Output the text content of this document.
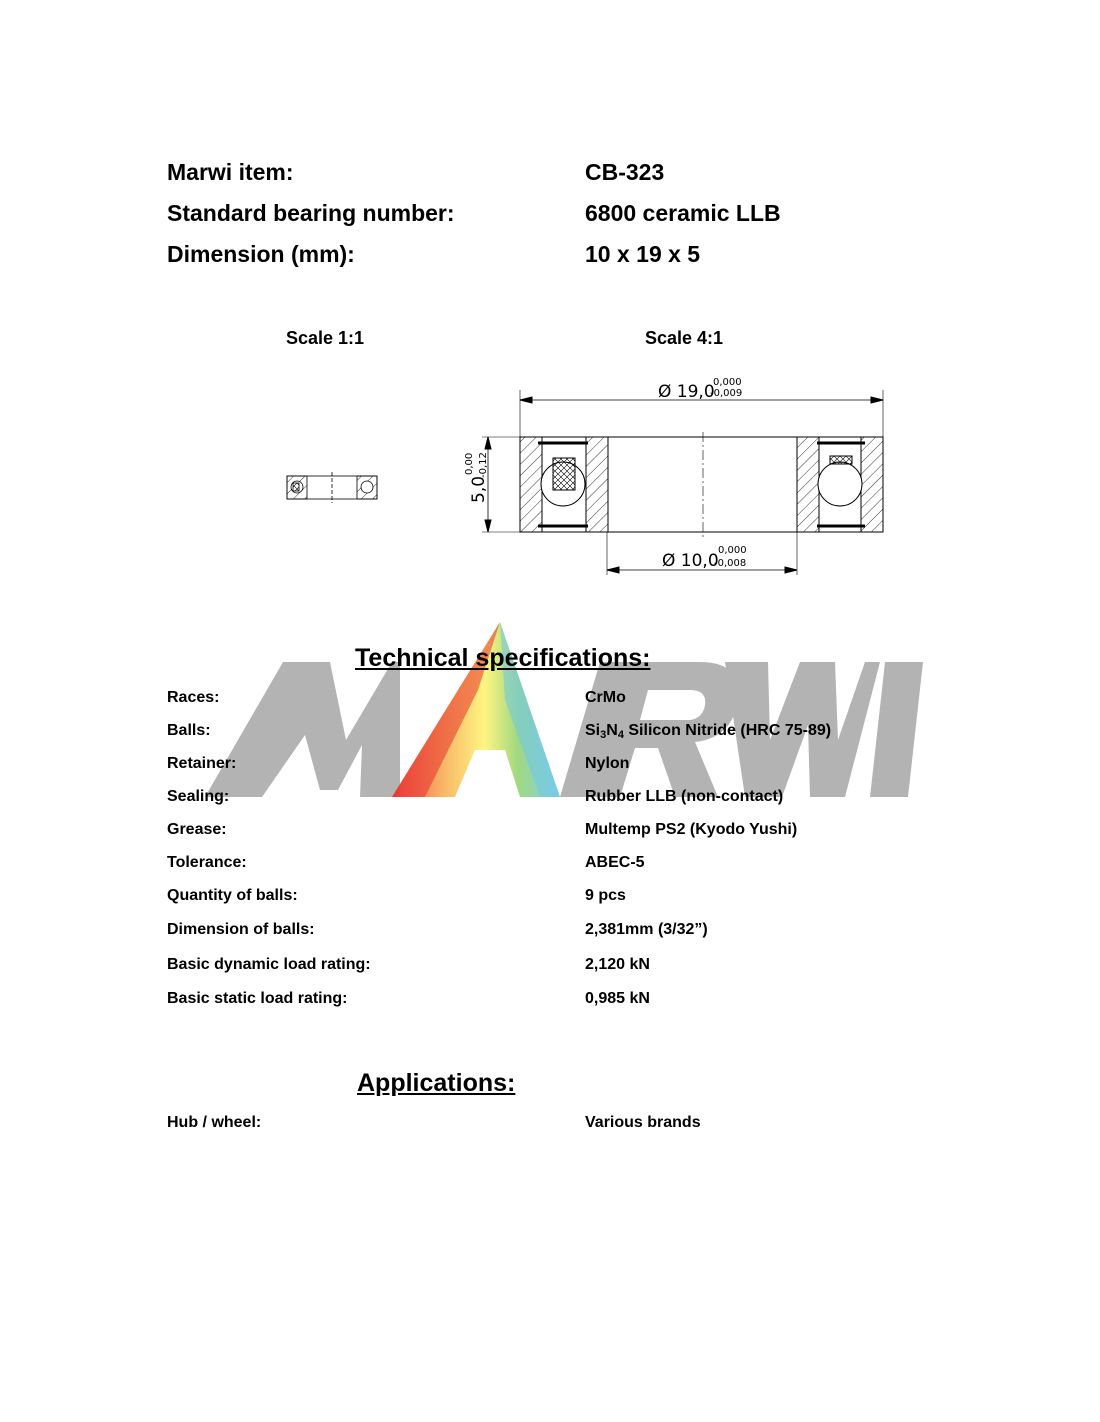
Marwi item:	CB-323
Standard bearing number:	6800 ceramic LLB
Dimension (mm):	10 x 19 x 5
Scale 1:1	Scale 4:1
Ø 19,0
0,000
-0,009
Ø 10,0
0,000
-0,008
5,0
0,00 -0,12
Technical specifications:
Races:	CrMo
Balls:	$Si_3N_4$ Silicon Nitride (HRC 75-89)
Retainer:	Nylon
Sealing:	Rubber LLB (non-contact)
Grease:	Multemp PS2 (Kyodo Yushi)
Tolerance:	ABEC-5
Quantity of balls:	9 pcs
Dimension of balls:	2,381mm (3/32”)
Basic dynamic load rating:	2,120 kN
Basic static load rating:	0,985 kN
Applications:
Hub / wheel:	Various brands
